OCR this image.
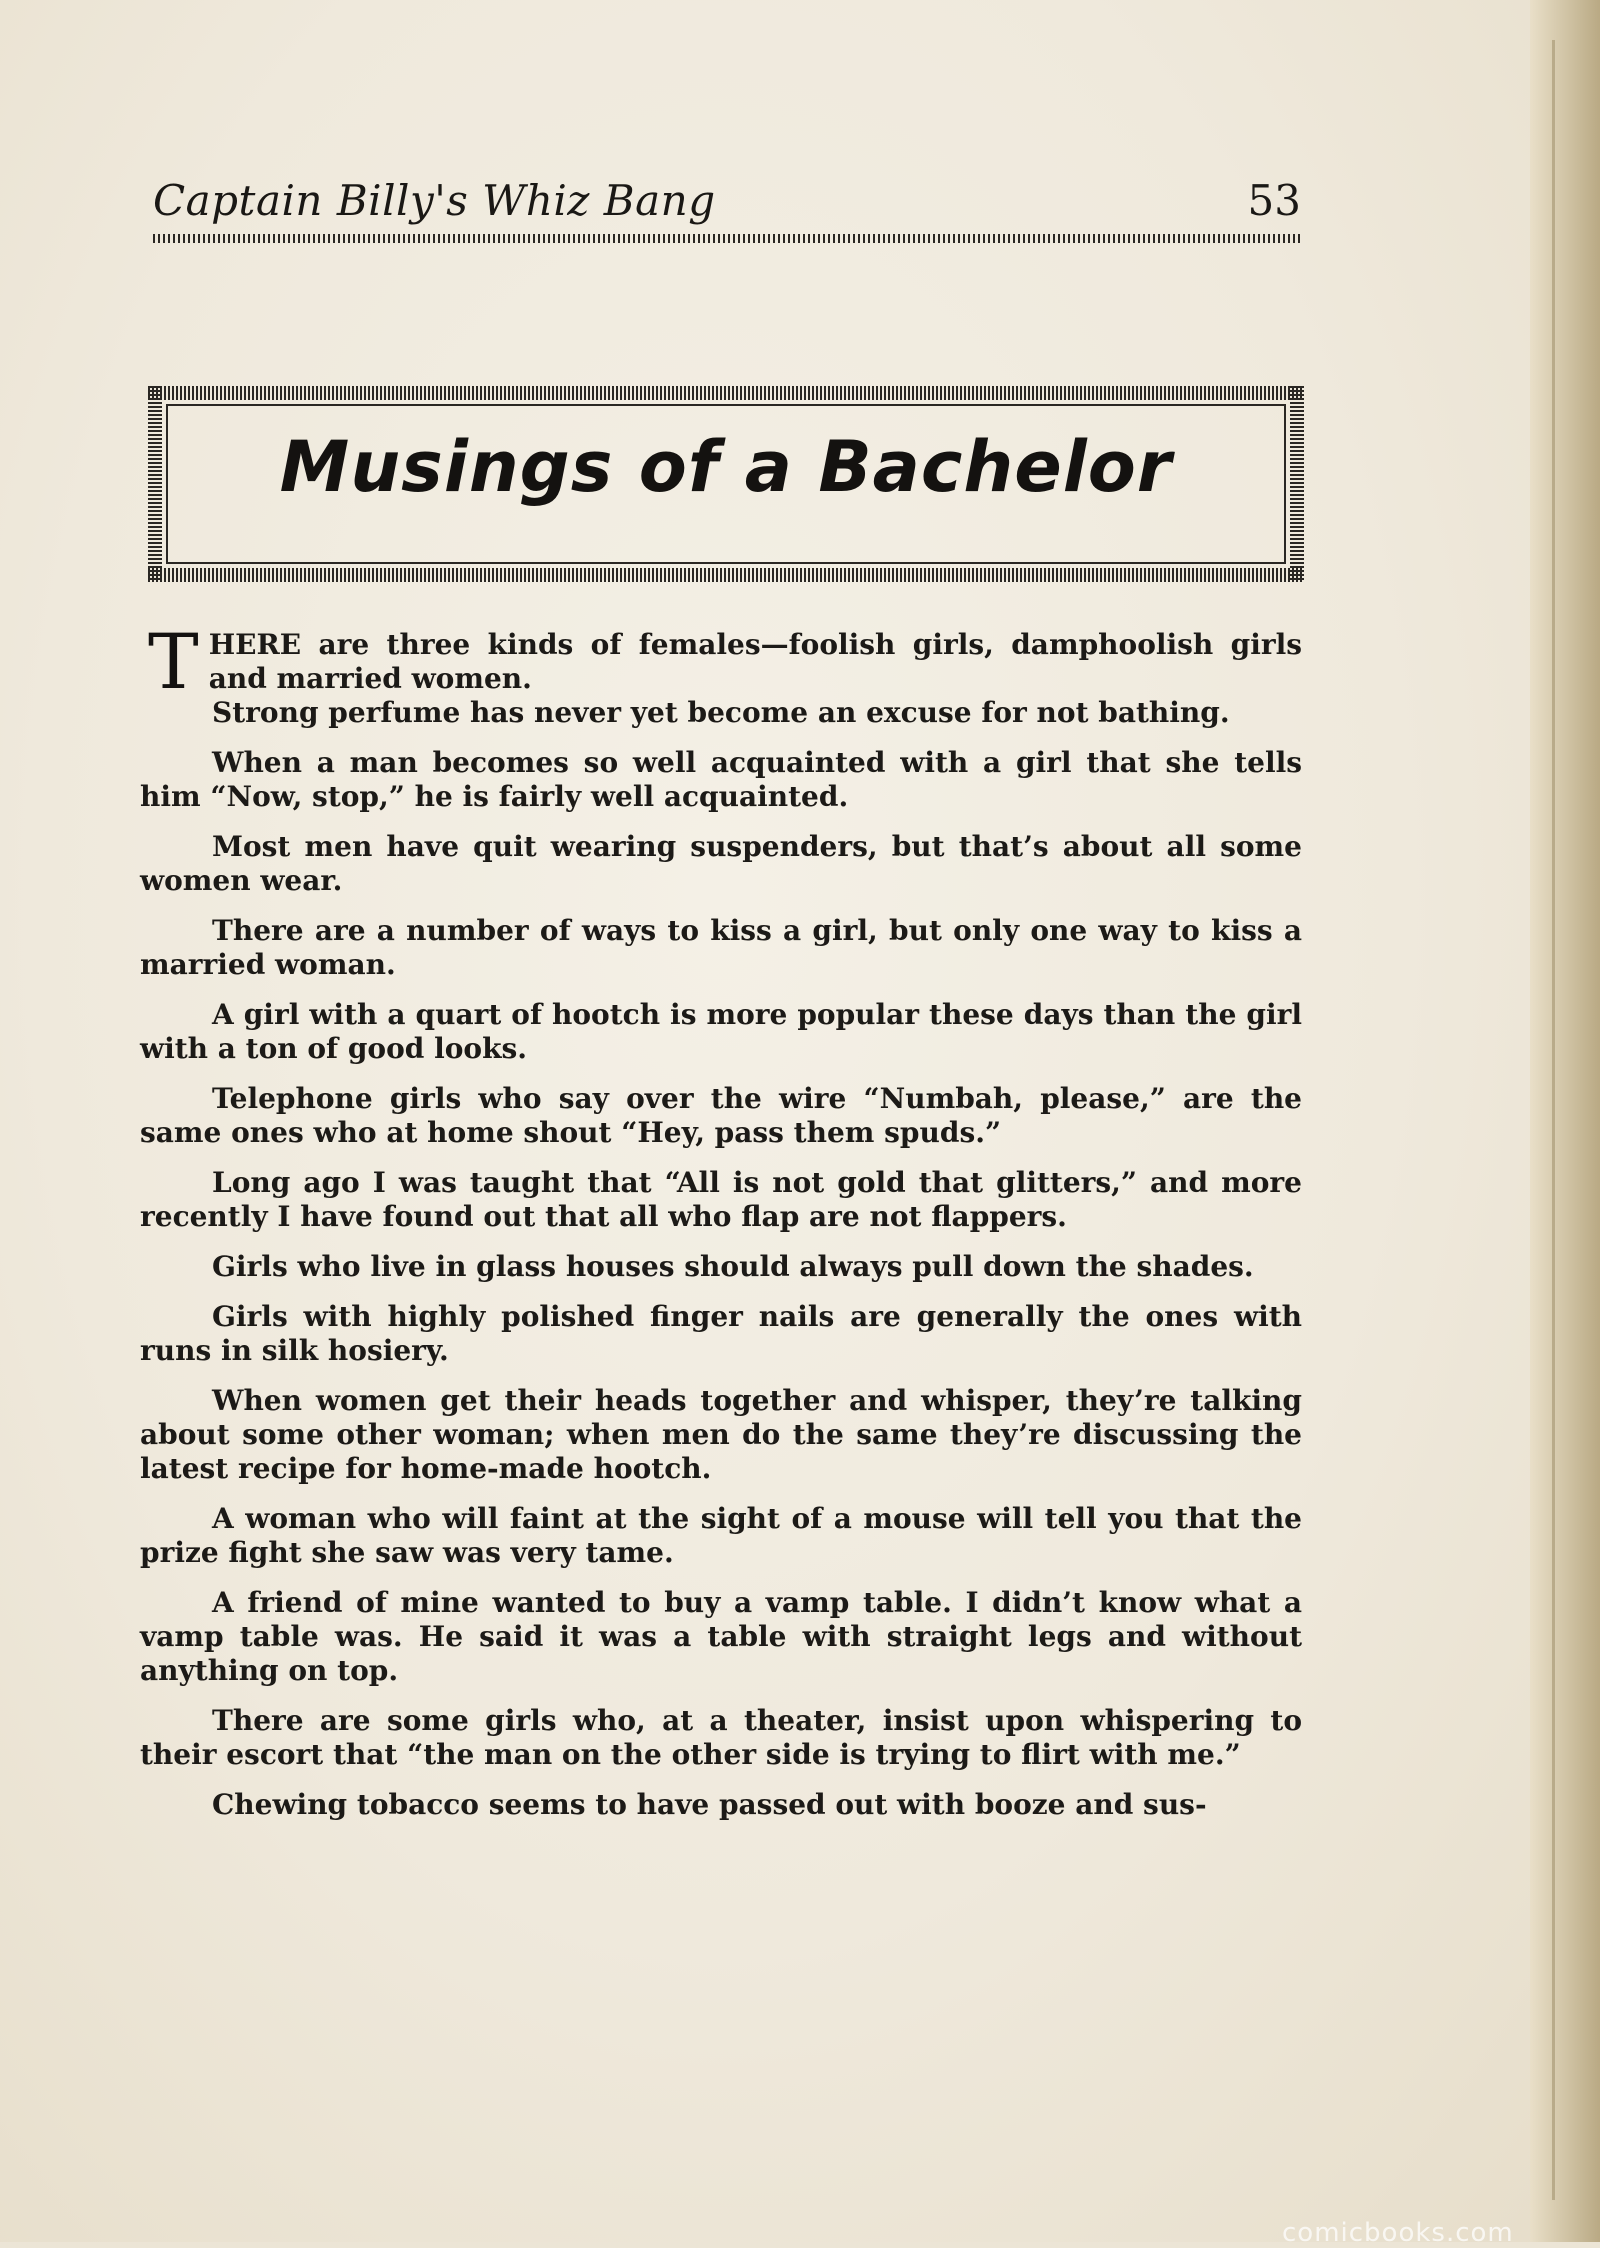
Captain Billy's Whiz Bang	53
Musings of a Bachelor

THERE are three kinds of females—foolish girls, damphoolish girls and married women.

Strong perfume has never yet become an excuse for not bathing.

When a man becomes so well acquainted with a girl that she tells him “Now, stop,” he is fairly well acquainted.

Most men have quit wearing suspenders, but that’s about all some women wear.

There are a number of ways to kiss a girl, but only one way to kiss a married woman.

A girl with a quart of hootch is more popular these days than the girl with a ton of good looks.

Telephone girls who say over the wire “Numbah, please,” are the same ones who at home shout “Hey, pass them spuds.”

Long ago I was taught that “All is not gold that glitters,” and more recently I have found out that all who flap are not flappers.

Girls who live in glass houses should always pull down the shades.

Girls with highly polished finger nails are generally the ones with runs in silk hosiery.

When women get their heads together and whisper, they’re talking about some other woman; when men do the same they’re discussing the latest recipe for home-made hootch.

A woman who will faint at the sight of a mouse will tell you that the prize fight she saw was very tame.

A friend of mine wanted to buy a vamp table. I didn’t know what a vamp table was. He said it was a table with straight legs and without anything on top.

There are some girls who, at a theater, insist upon whispering to their escort that “the man on the other side is trying to flirt with me.”

Chewing tobacco seems to have passed out with booze and sus-

comicbooks.com
